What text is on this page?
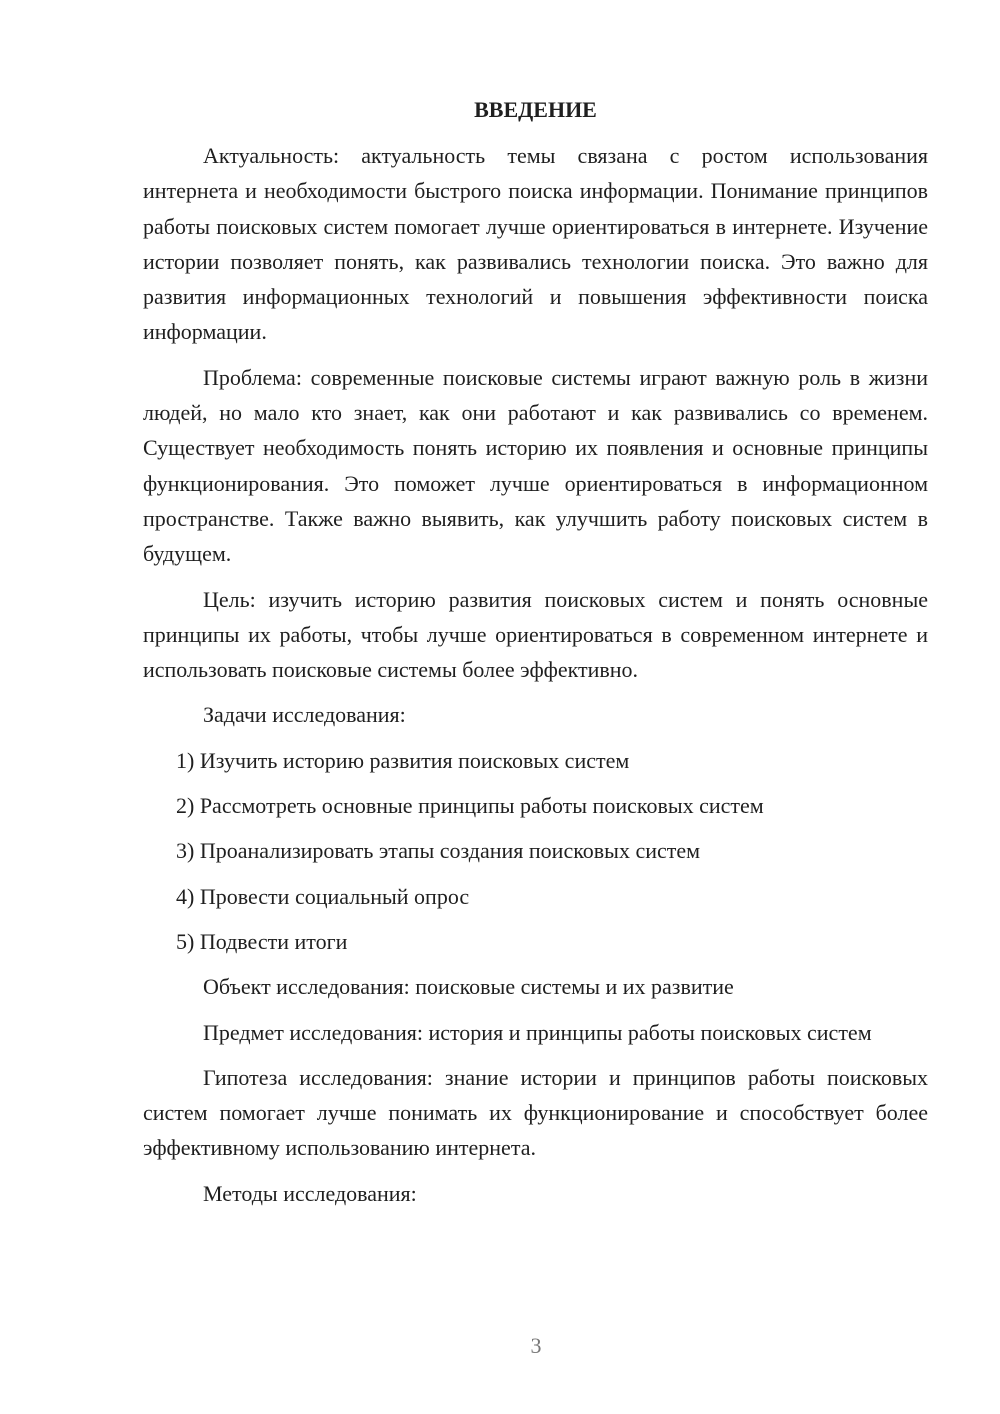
ВВЕДЕНИЕ

Актуальность: актуальность темы связана с ростом использования интернета и необходимости быстрого поиска информации. Понимание принципов работы поисковых систем помогает лучше ориентироваться в интернете. Изучение истории позволяет понять, как развивались технологии поиска. Это важно для развития информационных технологий и повышения эффективности поиска информации.

Проблема: современные поисковые системы играют важную роль в жизни людей, но мало кто знает, как они работают и как развивались со временем. Существует необходимость понять историю их появления и основные принципы функционирования. Это поможет лучше ориентироваться в информационном пространстве. Также важно выявить, как улучшить работу поисковых систем в будущем.

Цель: изучить историю развития поисковых систем и понять основные принципы их работы, чтобы лучше ориентироваться в современном интернете и использовать поисковые системы более эффективно.

Задачи исследования:

1) Изучить историю развития поисковых систем
2) Рассмотреть основные принципы работы поисковых систем
3) Проанализировать этапы создания поисковых систем
4) Провести социальный опрос
5) Подвести итоги

Объект исследования: поисковые системы и их развитие

Предмет исследования: история и принципы работы поисковых систем

Гипотеза исследования: знание истории и принципов работы поисковых систем помогает лучше понимать их функционирование и способствует более эффективному использованию интернета.

Методы исследования:

3
